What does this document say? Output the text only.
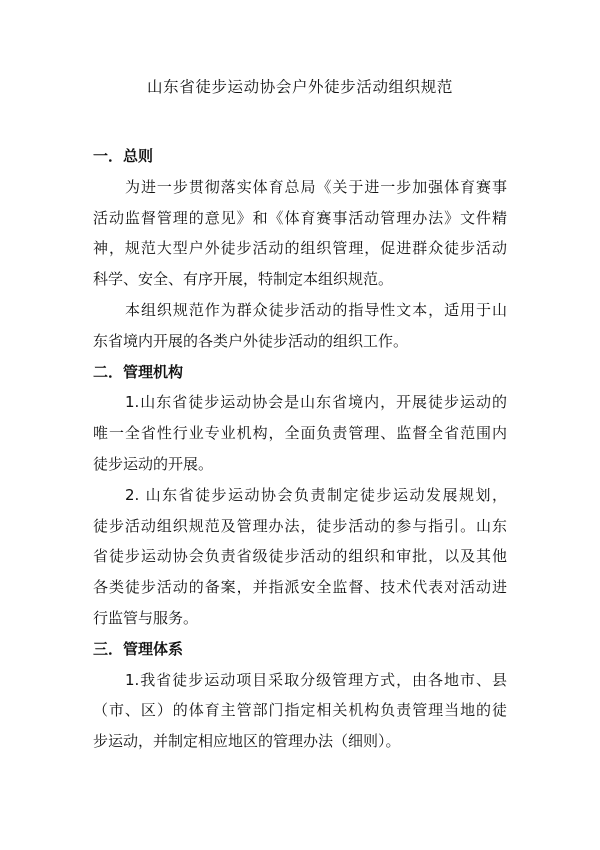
山东省徒步运动协会户外徒步活动组织规范
一．总则
为进一步贯彻落实体育总局《关于进一步加强体育赛事
活动监督管理的意见》和《体育赛事活动管理办法》文件精
神，规范大型户外徒步活动的组织管理，促进群众徒步活动
科学、安全、有序开展，特制定本组织规范。
本组织规范作为群众徒步活动的指导性文本，适用于山
东省境内开展的各类户外徒步活动的组织工作。
二．管理机构
1.山东省徒步运动协会是山东省境内，开展徒步运动的
唯一全省性行业专业机构，全面负责管理、监督全省范围内
徒步运动的开展。
2. 山东省徒步运动协会负责制定徒步运动发展规划，
徒步活动组织规范及管理办法，徒步活动的参与指引。山东
省徒步运动协会负责省级徒步活动的组织和审批，以及其他
各类徒步活动的备案，并指派安全监督、技术代表对活动进
行监管与服务。
三．管理体系
1.我省徒步运动项目采取分级管理方式，由各地市、县
（市、区）的体育主管部门指定相关机构负责管理当地的徒
步运动，并制定相应地区的管理办法（细则）。
